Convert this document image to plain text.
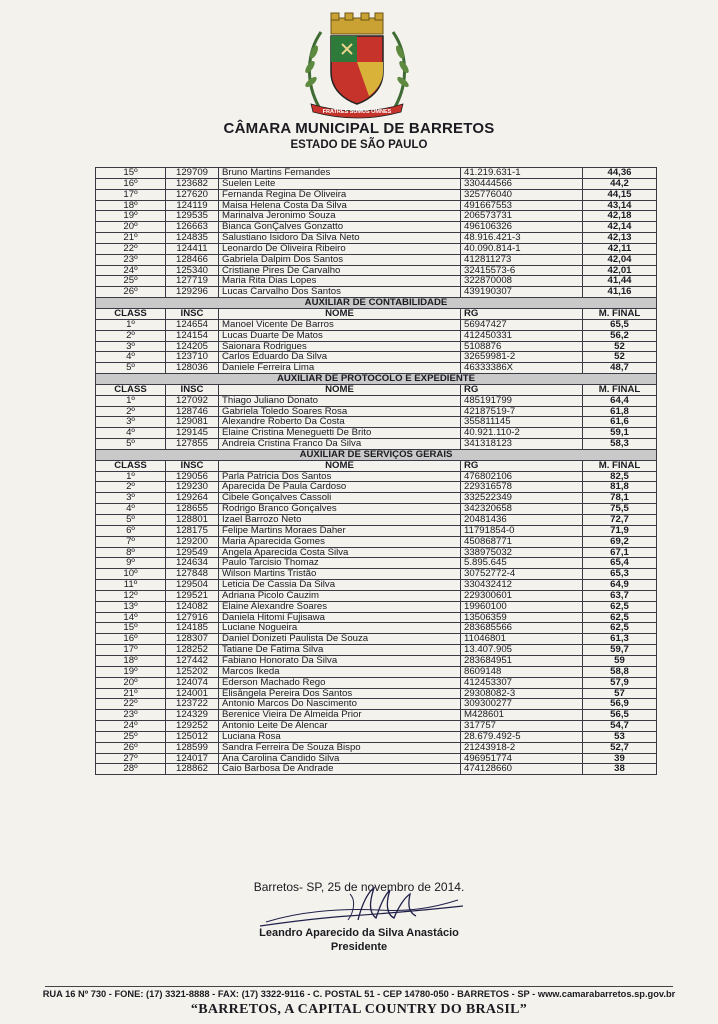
FRATRES SUMUS OMNES
CÂMARA MUNICIPAL DE BARRETOS
ESTADO DE SÃO PAULO
15º	129709	Bruno Martins Fernandes	41.219.631-1	44,36
16º	123682	Suelen Leite	330444566	44,2
17º	127620	Fernanda Regina De Oliveira	325776040	44,15
18º	124119	Maisa Helena Costa Da Silva	491667553	43,14
19º	129535	Marinalva Jeronimo Souza	206573731	42,18
20º	126663	Bianca GonÇalves Gonzatto	496106326	42,14
21º	124835	Salustiano Isidoro Da Silva Neto	48.916.421-3	42,13
22º	124411	Leonardo De Oliveira Ribeiro	40.090.814-1	42,11
23º	128466	Gabriela Dalpim Dos Santos	412811273	42,04
24º	125340	Cristiane Pires De Carvalho	32415573-6	42,01
25º	127719	Maria Rita Dias Lopes	322870008	41,44
26º	129296	Lucas Carvalho Dos Santos	439190307	41,16
AUXILIAR DE CONTABILIDADE				
CLASS	INSC	NOME	RG	M. FINAL
1º	124654	Manoel Vicente De Barros	56947427	65,5
2º	124154	Lucas Duarte De Matos	412450331	56,2
3º	124205	Saionara Rodrigues	5108876	52
4º	123710	Carlos Eduardo Da Silva	32659981-2	52
5º	128036	Daniele Ferreira Lima	46333386X	48,7
AUXILIAR DE PROTOCOLO E EXPEDIENTE				
CLASS	INSC	NOME	RG	M. FINAL
1º	127092	Thiago Juliano Donato	485191799	64,4
2º	128746	Gabriela Toledo Soares Rosa	42187519-7	61,8
3º	129081	Alexandre Roberto Da Costa	355811145	61,6
4º	129145	Elaine Cristina Meneguetti De Brito	40.921.110-2	59,1
5º	127855	Andreia Cristina Franco Da Silva	341318123	58,3
AUXILIAR DE SERVIÇOS GERAIS				
CLASS	INSC	NOME	RG	M. FINAL
1º	129056	Parla Patricia Dos Santos	476802106	82,5
2º	129230	Aparecida De Paula Cardoso	229316578	81,8
3º	129264	Cibele Gonçalves Cassoli	332522349	78,1
4º	128655	Rodrigo Branco Gonçalves	342320658	75,5
5º	128801	Izael Barrozo Neto	20481436	72,7
6º	128175	Felipe Martins Moraes Daher	11791854-0	71,9
7º	129200	Maria Aparecida Gomes	450868771	69,2
8º	129549	Angela Aparecida Costa Silva	338975032	67,1
9º	124634	Paulo Tarcisio Thomaz	5.895.645	65,4
10º	127848	Wilson Martins Tristão	30752772-4	65,3
11º	129504	Leticia De Cassia Da Silva	330432412	64,9
12º	129521	Adriana Picolo Cauzim	229300601	63,7
13º	124082	Elaine Alexandre Soares	19960100	62,5
14º	127916	Daniela Hitomi Fujisawa	13506359	62,5
15º	124185	Luciane Nogueira	283685566	62,5
16º	128307	Daniel Donizeti Paulista De Souza	11046801	61,3
17º	128252	Tatiane De Fatima Silva	13.407.905	59,7
18º	127442	Fabiano Honorato Da Silva	283684951	59
19º	125202	Marcos Ikeda	8609148	58,8
20º	124074	Ederson Machado Rego	412453307	57,9
21º	124001	Elisângela Pereira Dos Santos	29308082-3	57
22º	123722	Antonio Marcos Do Nascimento	309300277	56,9
23º	124329	Berenice Vieira De Almeida Prior	M428601	56,5
24º	129252	Antonio Leite De Alencar	317757	54,7
25º	125012	Luciana Rosa	28.679.492-5	53
26º	128599	Sandra Ferreira De Souza Bispo	21243918-2	52,7
27º	124017	Ana Carolina Candido Silva	496951774	39
28º	128862	Caio Barbosa De Andrade	474128660	38
Barretos- SP, 25 de novembro de 2014.
Leandro Aparecido da Silva Anastácio
Presidente
RUA 16 Nº 730 - FONE: (17) 3321-8888 - FAX: (17) 3322-9116 - C. POSTAL 51 - CEP 14780-050 - BARRETOS - SP - www.camarabarretos.sp.gov.br
“BARRETOS, A CAPITAL COUNTRY DO BRASIL”
